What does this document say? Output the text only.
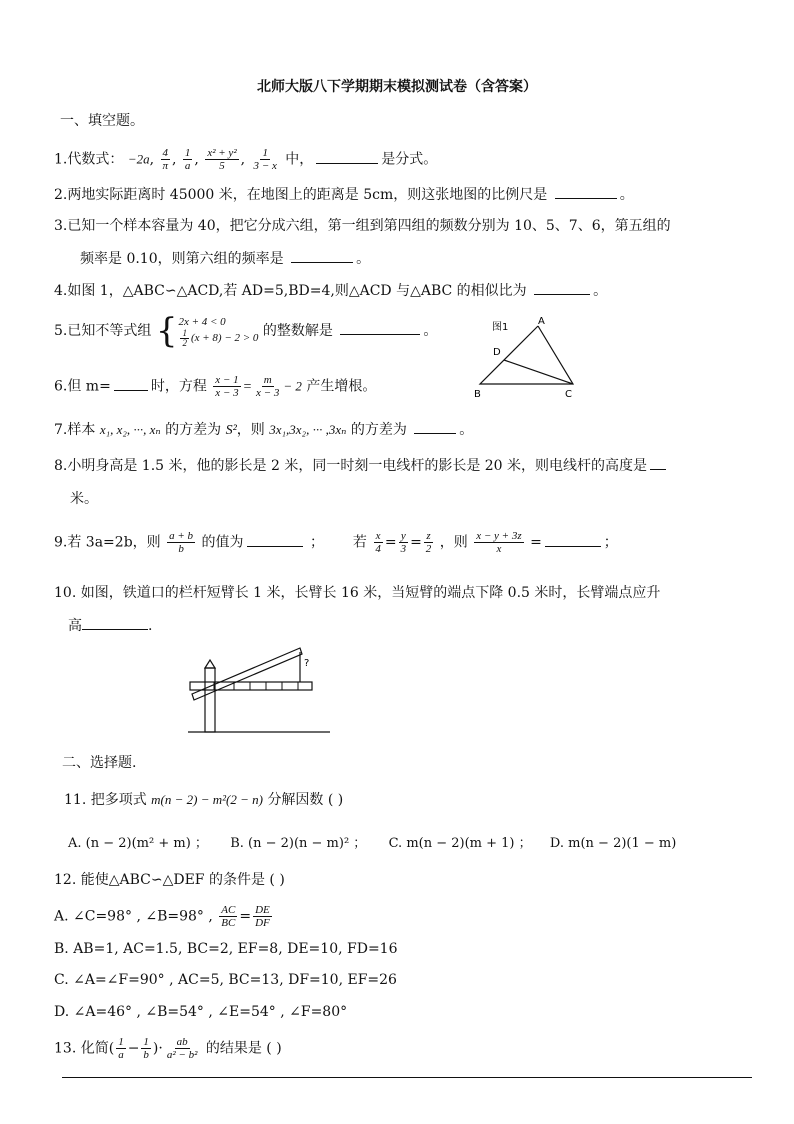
北师大版八下学期期末模拟测试卷（含答案）
一、填空题。
1.代数式： −2a, $\frac{4}{\pi}$ , $\frac{1}{a}$ , $\frac{\text{x² + y²}}{5}$ , $\frac{1}{3 - x}$ 中，	是分式。
2.两地实际距离时 45000 米，在地图上的距离是 5cm，则这张地图的比例尺是	。
3.已知一个样本容量为 40，把它分成六组，第一组到第四组的频数分别为 10、5、7、6，第五组的
频率是 0.10，则第六组的频率是	。
4.如图 1，△ABC∽△ACD,若 AD=5,BD=4,则△ACD 与△ABC 的相似比为	。
5.已知不等式组 { 2x + 4 < 0
$\frac{1}{2} (x + 8) - 2 > 0$ 的整数解是	。	图1
A
D
B	C
6.但 m=	时，方程 $\frac{x - 1}{x - 3} = \frac{m}{x - 3} - 2$ 产生增根。
7.样本 x₁, x₂, ···, xₙ 的方差为 S²，则 3x₁,3x₂, ··· ,3xₙ 的方差为	。
8.小明身高是 1.5 米，他的影长是 2 米，同一时刻一电线杆的影长是 20 米，则电线杆的高度是
米。
9.若 3a=2b，则 $\frac{a + b}{b}$ 的值为	； 若 $\frac{x}{4} = \frac{y}{3} = \frac{z}{2}$ ，则 $\frac{x - y + 3z}{x}$ =	；
10. 如图，铁道口的栏杆短臂长 1 米，长臂长 16 米，当短臂的端点下降 0.5 米时，长臂端点应升
高	.
?
二、选择题.
11. 把多项式 m(n − 2) − m²(2 − n) 分解因数 ( )
A. (n − 2)(m² + m) ； B. (n − 2)(n − m)² ； C. m(n − 2)(m + 1) ； D. m(n − 2)(1 − m)
12. 能使△ABC∽△DEF 的条件是 ( )
A. ∠C=98° , ∠B=98° , $\frac{AC}{BC} = \frac{DE}{DF}$
B. AB=1, AC=1.5, BC=2, EF=8, DE=10, FD=16
C. ∠A=∠F=90° , AC=5, BC=13, DF=10, EF=26
D. ∠A=46° , ∠B=54° , ∠E=54° , ∠F=80°
13. 化简( $\frac{1}{a} - \frac{1}{b}$ )· $\frac{ab}{\text{a² − b²}}$ 的结果是 ( )
